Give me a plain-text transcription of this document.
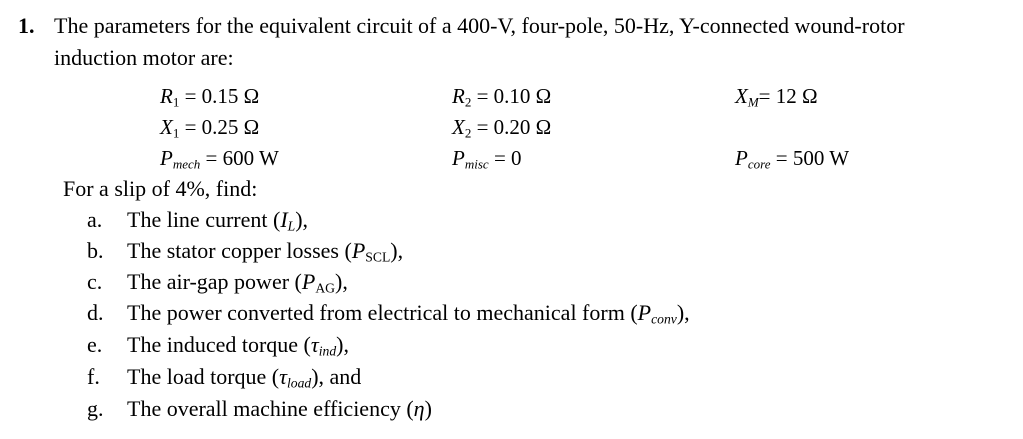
1. The parameters for the equivalent circuit of a 400-V, four-pole, 50-Hz, Y-connected wound-rotor
induction motor are:
$R_1 = 0.15$ Ω	$R_2 = 0.10$ Ω	$X_M= 12$ Ω
$X_1 = 0.25$ Ω	$X_2 = 0.20$ Ω
$P_{mech} = 600$ W	$P_{misc} = 0$	$P_{core} = 500$ W
For a slip of 4%, find:
a. The line current $(I_L)$,
b. The stator copper losses $(P_{SCL})$,
c. The air-gap power $(P_{AG})$,
d. The power converted from electrical to mechanical form $(P_{conv})$,
e. The induced torque $(\tau_{ind})$,
f. The load torque $(\tau_{load})$, and
g. The overall machine efficiency (η)
